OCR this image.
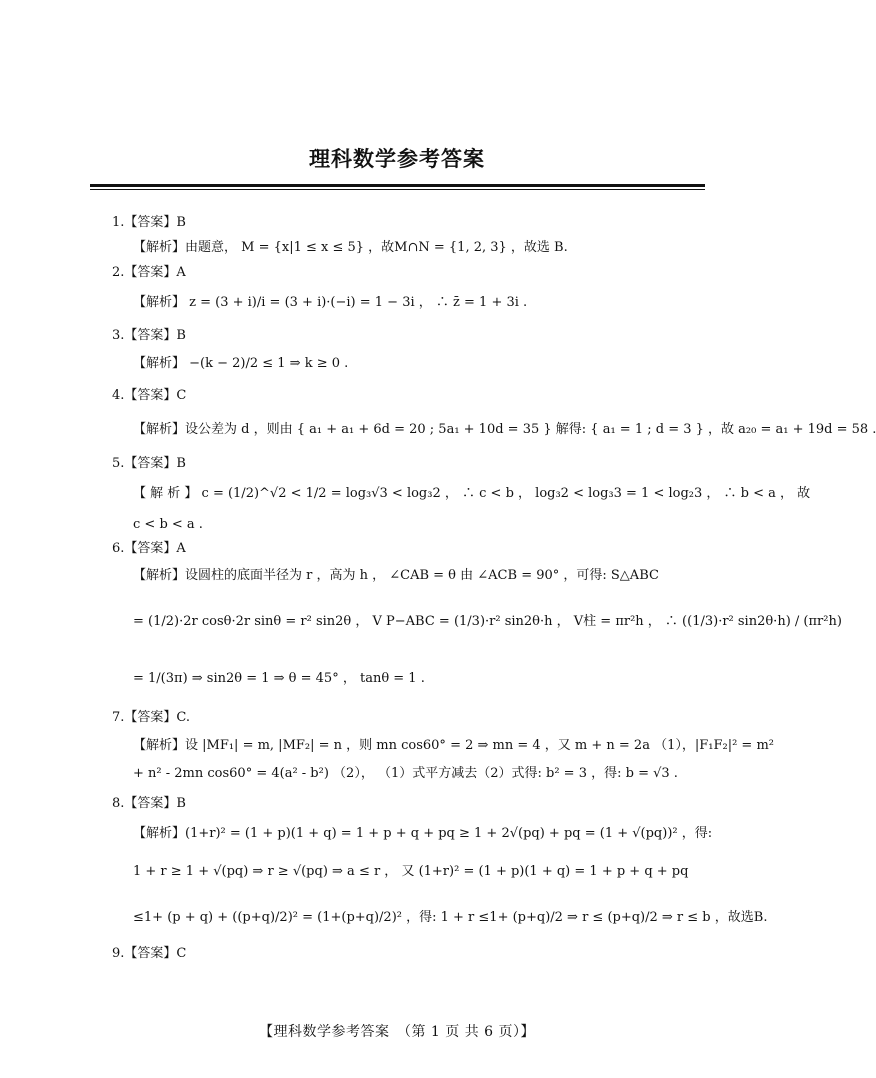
理科数学参考答案
1.【答案】B
【解析】由题意， M = {x|1 ≤ x ≤ 5} ，故M∩N = {1, 2, 3} ，故选 B.
2.【答案】A
【解析】 z = (3 + i)/i = (3 + i)·(−i) = 1 − 3i ， ∴ z̄ = 1 + 3i .
3.【答案】B
【解析】 −(k − 2)/2 ≤ 1 ⇒ k ≥ 0 .
4.【答案】C
【解析】设公差为 d ，则由 { a₁ + a₁ + 6d = 20 ; 5a₁ + 10d = 35 } 解得: { a₁ = 1 ; d = 3 } ，故 a₂₀ = a₁ + 19d = 58 .
5.【答案】B
【 解 析 】 c = (1/2)^√2 < 1/2 = log₃√3 < log₃2 ， ∴ c < b ， log₃2 < log₃3 = 1 < log₂3 ， ∴ b < a ， 故
c < b < a .
6.【答案】A
【解析】设圆柱的底面半径为 r ，高为 h ， ∠CAB = θ 由 ∠ACB = 90° ，可得: S△ABC
= (1/2)·2r cosθ·2r sinθ = r² sin2θ ， V P−ABC = (1/3)·r² sin2θ·h ， V柱 = πr²h ， ∴ ((1/3)·r² sin2θ·h) / (πr²h)
= 1/(3π) ⇒ sin2θ = 1 ⇒ θ = 45° ， tanθ = 1 .
7.【答案】C.
【解析】设 |MF₁| = m, |MF₂| = n ，则 mn cos60° = 2 ⇒ mn = 4 ，又 m + n = 2a （1），|F₁F₂|² = m²
+ n² - 2mn cos60° = 4(a² - b²) （2）， （1）式平方减去（2）式得: b² = 3 ，得: b = √3 .
8.【答案】B
【解析】(1+r)² = (1 + p)(1 + q) = 1 + p + q + pq ≥ 1 + 2√(pq) + pq = (1 + √(pq))² ，得:
1 + r ≥ 1 + √(pq) ⇒ r ≥ √(pq) ⇒ a ≤ r ， 又 (1+r)² = (1 + p)(1 + q) = 1 + p + q + pq
≤1+ (p + q) + ((p+q)/2)² = (1+(p+q)/2)² ，得: 1 + r ≤1+ (p+q)/2 ⇒ r ≤ (p+q)/2 ⇒ r ≤ b ，故选B.
9.【答案】C
【理科数学参考答案　（第 1 页 共 6 页）】
